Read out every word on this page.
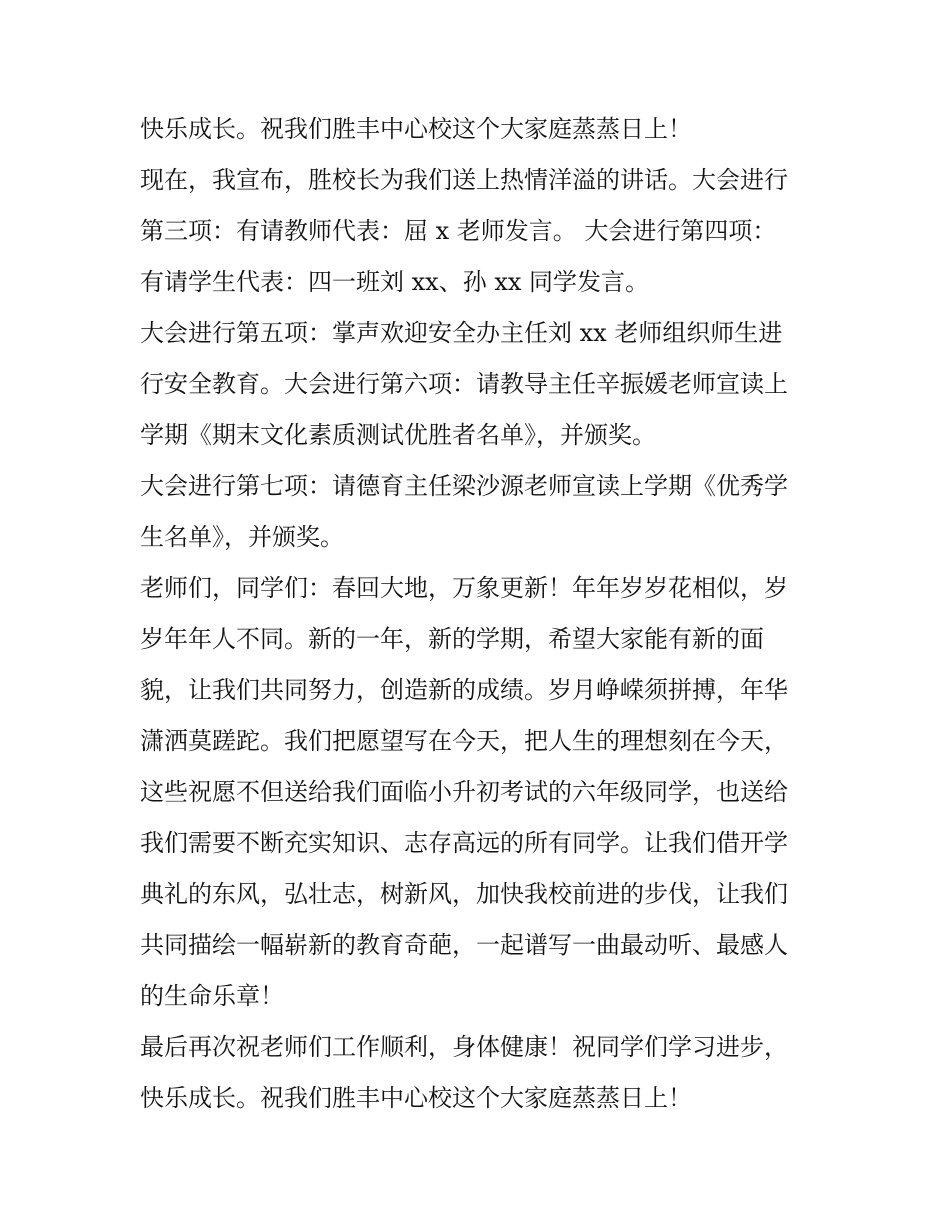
快乐成长。祝我们胜丰中心校这个大家庭蒸蒸日上！
现在，我宣布，胜校长为我们送上热情洋溢的讲话。大会进行
第三项：有请教师代表：屈 x 老师发言。 大会进行第四项：
有请学生代表：四一班刘 xx、孙 xx 同学发言。
大会进行第五项：掌声欢迎安全办主任刘 xx 老师组织师生进
行安全教育。大会进行第六项：请教导主任辛振媛老师宣读上
学期《期末文化素质测试优胜者名单》，并颁奖。
大会进行第七项：请德育主任梁沙源老师宣读上学期《优秀学
生名单》，并颁奖。
老师们，同学们：春回大地，万象更新！年年岁岁花相似，岁
岁年年人不同。新的一年，新的学期，希望大家能有新的面
貌，让我们共同努力，创造新的成绩。岁月峥嵘须拼搏，年华
潇洒莫蹉跎。我们把愿望写在今天，把人生的理想刻在今天，
这些祝愿不但送给我们面临小升初考试的六年级同学，也送给
我们需要不断充实知识、志存高远的所有同学。让我们借开学
典礼的东风，弘壮志，树新风，加快我校前进的步伐，让我们
共同描绘一幅崭新的教育奇葩，一起谱写一曲最动听、最感人
的生命乐章！
最后再次祝老师们工作顺利，身体健康！祝同学们学习进步，
快乐成长。祝我们胜丰中心校这个大家庭蒸蒸日上！
